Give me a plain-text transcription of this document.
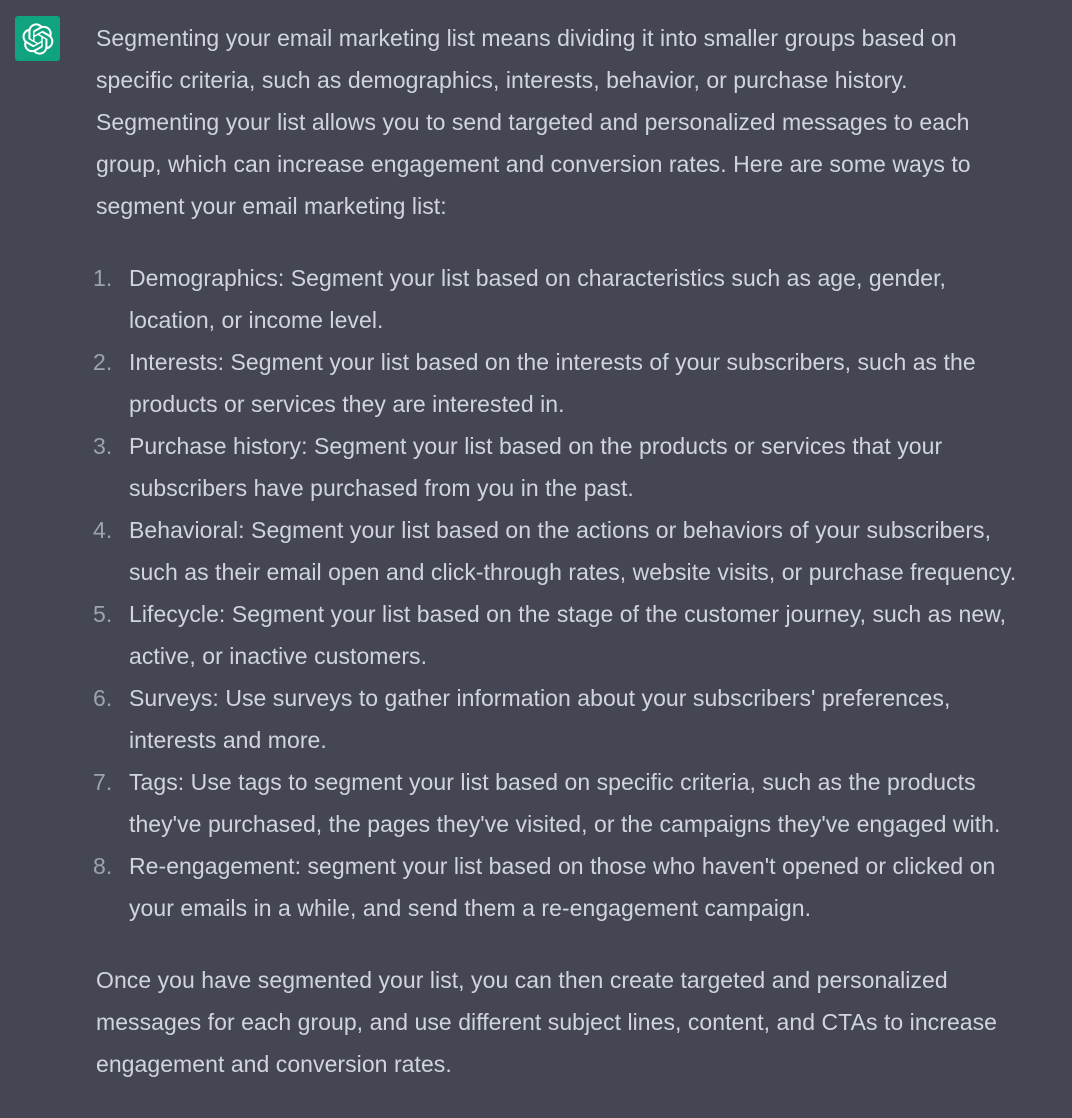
Segmenting your email marketing list means dividing it into smaller groups based on

specific criteria, such as demographics, interests, behavior, or purchase history.

Segmenting your list allows you to send targeted and personalized messages to each

group, which can increase engagement and conversion rates. Here are some ways to

segment your email marketing list:

1. Demographics: Segment your list based on characteristics such as age, gender,
location, or income level.
2. Interests: Segment your list based on the interests of your subscribers, such as the
products or services they are interested in.
3. Purchase history: Segment your list based on the products or services that your
subscribers have purchased from you in the past.
4. Behavioral: Segment your list based on the actions or behaviors of your subscribers,
such as their email open and click-through rates, website visits, or purchase frequency.
5. Lifecycle: Segment your list based on the stage of the customer journey, such as new,
active, or inactive customers.
6. Surveys: Use surveys to gather information about your subscribers' preferences,
interests and more.
7. Tags: Use tags to segment your list based on specific criteria, such as the products
they've purchased, the pages they've visited, or the campaigns they've engaged with.
8. Re-engagement: segment your list based on those who haven't opened or clicked on
your emails in a while, and send them a re-engagement campaign.

Once you have segmented your list, you can then create targeted and personalized

messages for each group, and use different subject lines, content, and CTAs to increase

engagement and conversion rates.
